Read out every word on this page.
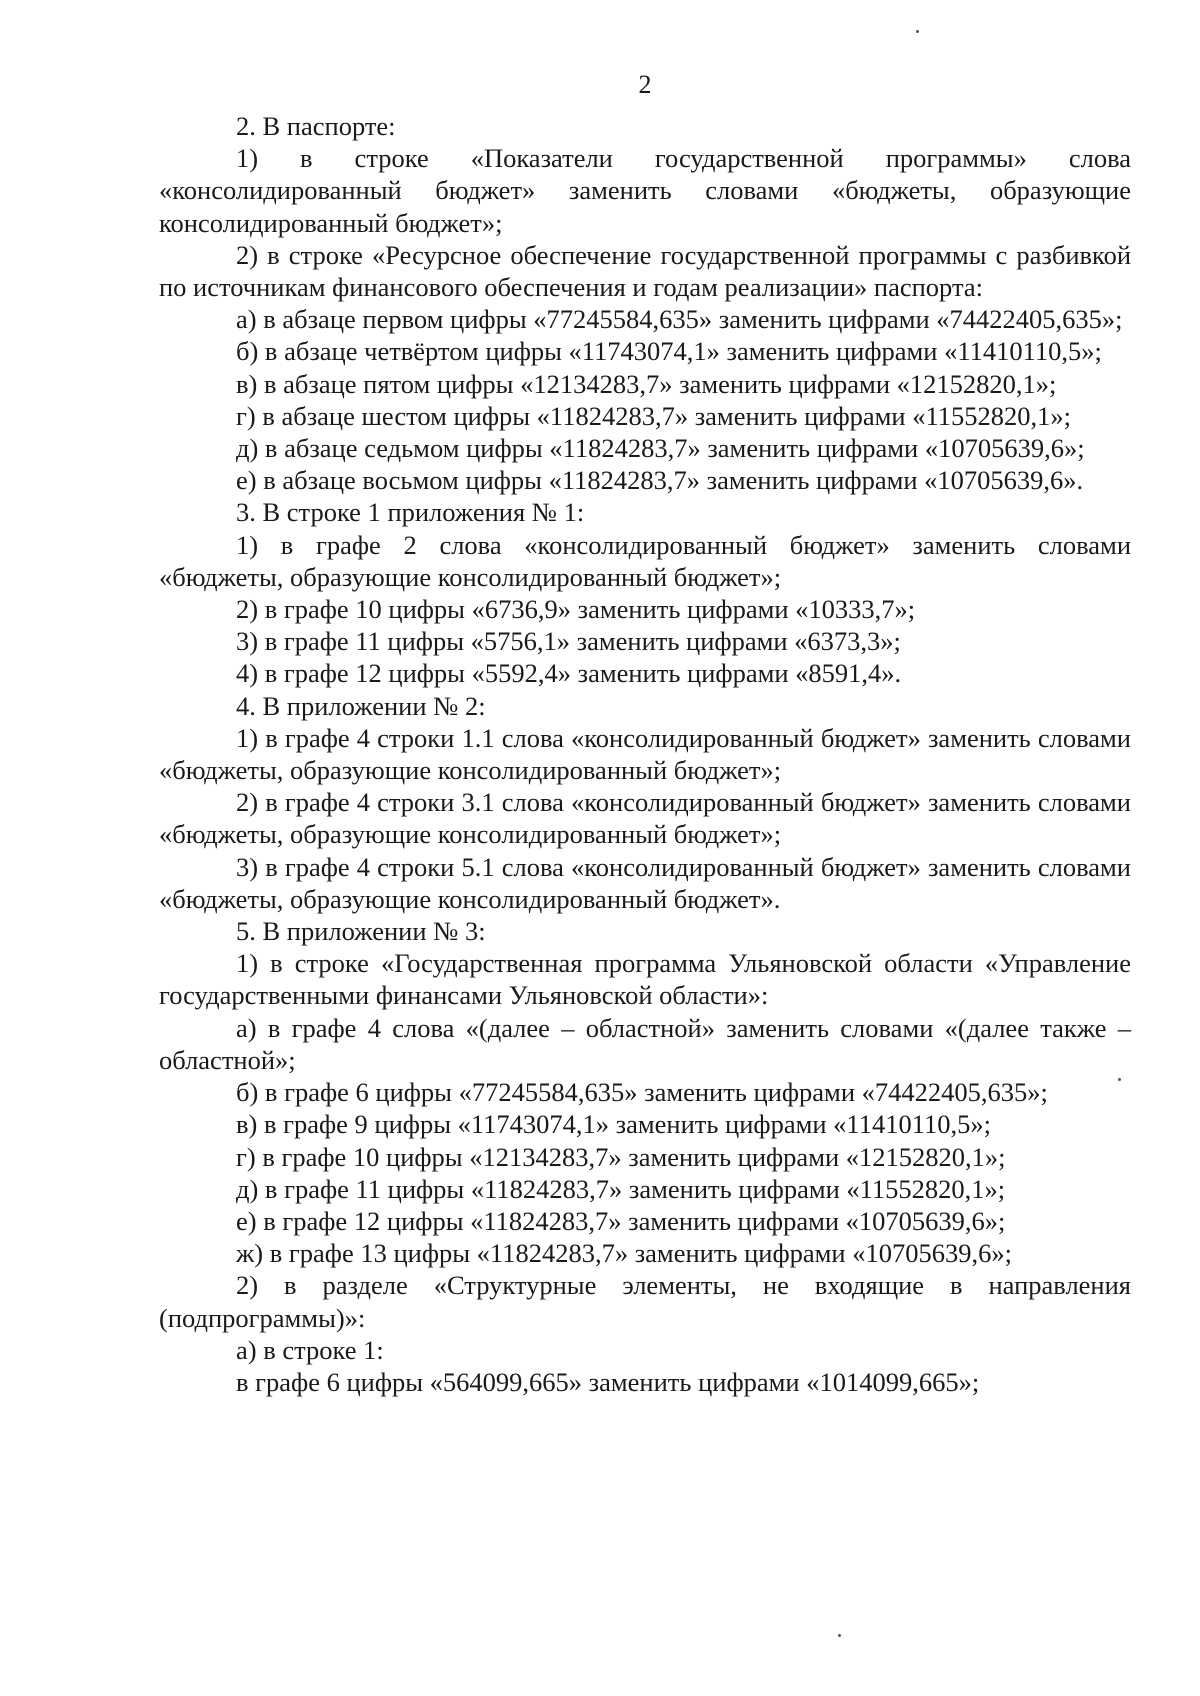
2

2. В паспорте:

1) в строке «Показатели государственной программы» слова «консолидированный бюджет» заменить словами «бюджеты, образующие консолидированный бюджет»;

2) в строке «Ресурсное обеспечение государственной программы с разбивкой по источникам финансового обеспечения и годам реализации» паспорта:

а) в абзаце первом цифры «77245584,635» заменить цифрами «74422405,635»;

б) в абзаце четвёртом цифры «11743074,1» заменить цифрами «11410110,5»;

в) в абзаце пятом цифры «12134283,7» заменить цифрами «12152820,1»;

г) в абзаце шестом цифры «11824283,7» заменить цифрами «11552820,1»;

д) в абзаце седьмом цифры «11824283,7» заменить цифрами «10705639,6»;

е) в абзаце восьмом цифры «11824283,7» заменить цифрами «10705639,6».

3. В строке 1 приложения № 1:

1) в графе 2 слова «консолидированный бюджет» заменить словами «бюджеты, образующие консолидированный бюджет»;

2) в графе 10 цифры «6736,9» заменить цифрами «10333,7»;

3) в графе 11 цифры «5756,1» заменить цифрами «6373,3»;

4) в графе 12 цифры «5592,4» заменить цифрами «8591,4».

4. В приложении № 2:

1) в графе 4 строки 1.1 слова «консолидированный бюджет» заменить словами «бюджеты, образующие консолидированный бюджет»;

2) в графе 4 строки 3.1 слова «консолидированный бюджет» заменить словами «бюджеты, образующие консолидированный бюджет»;

3) в графе 4 строки 5.1 слова «консолидированный бюджет» заменить словами «бюджеты, образующие консолидированный бюджет».

5. В приложении № 3:

1) в строке «Государственная программа Ульяновской области «Управление государственными финансами Ульяновской области»:

а) в графе 4 слова «(далее – областной» заменить словами «(далее также – областной»;

б) в графе 6 цифры «77245584,635» заменить цифрами «74422405,635»;

в) в графе 9 цифры «11743074,1» заменить цифрами «11410110,5»;

г) в графе 10 цифры «12134283,7» заменить цифрами «12152820,1»;

д) в графе 11 цифры «11824283,7» заменить цифрами «11552820,1»;

е) в графе 12 цифры «11824283,7» заменить цифрами «10705639,6»;

ж) в графе 13 цифры «11824283,7» заменить цифрами «10705639,6»;

2) в разделе «Структурные элементы, не входящие в направления (подпрограммы)»:

а) в строке 1:

в графе 6 цифры «564099,665» заменить цифрами «1014099,665»;
